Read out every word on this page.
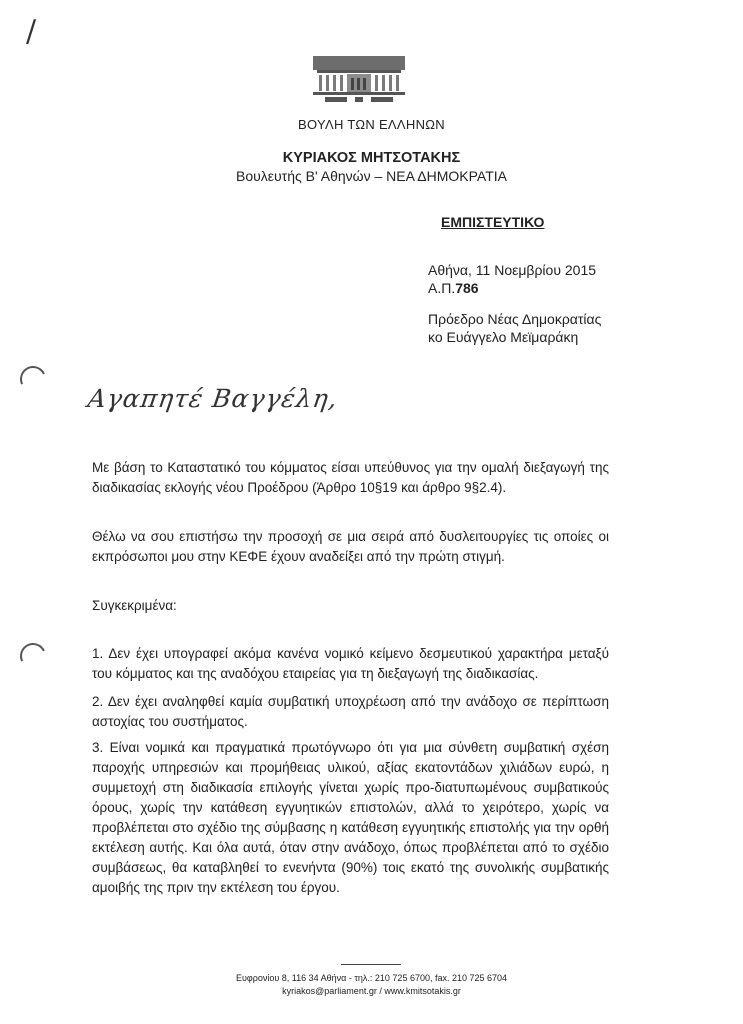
/
ΒΟΥΛΗ ΤΩΝ ΕΛΛΗΝΩΝ
ΚΥΡΙΑΚΟΣ ΜΗΤΣΟΤΑΚΗΣ
Βουλευτής Β' Αθηνών – ΝΕΑ ΔΗΜΟΚΡΑΤΙΑ
ΕΜΠΙΣΤΕΥΤΙΚΟ
Αθήνα, 11 Νοεμβρίου 2015
Α.Π.786
Πρόεδρο Νέας Δημοκρατίας
κο Ευάγγελο Μεϊμαράκη
Αγαπητέ Βαγγέλη,
Με βάση το Καταστατικό του κόμματος είσαι υπεύθυνος για την ομαλή διεξαγωγή της διαδικασίας εκλογής νέου Προέδρου (Άρθρο 10§19 και άρθρο 9§2.4).
Θέλω να σου επιστήσω την προσοχή σε μια σειρά από δυσλειτουργίες τις οποίες οι εκπρόσωποι μου στην ΚΕΦΕ έχουν αναδείξει από την πρώτη στιγμή.
Συγκεκριμένα:
1. Δεν έχει υπογραφεί ακόμα κανένα νομικό κείμενο δεσμευτικού χαρακτήρα μεταξύ του κόμματος και της αναδόχου εταιρείας για τη διεξαγωγή της διαδικασίας.
2. Δεν έχει αναληφθεί καμία συμβατική υποχρέωση από την ανάδοχο σε περίπτωση αστοχίας του συστήματος.
3. Είναι νομικά και πραγματικά πρωτόγνωρο ότι για μια σύνθετη συμβατική σχέση παροχής υπηρεσιών και προμήθειας υλικού, αξίας εκατοντάδων χιλιάδων ευρώ, η συμμετοχή στη διαδικασία επιλογής γίνεται χωρίς προ-διατυπωμένους συμβατικούς όρους, χωρίς την κατάθεση εγγυητικών επιστολών, αλλά το χειρότερο, χωρίς να προβλέπεται στο σχέδιο της σύμβασης η κατάθεση εγγυητικής επιστολής για την ορθή εκτέλεση αυτής. Και όλα αυτά, όταν στην ανάδοχο, όπως προβλέπεται από το σχέδιο συμβάσεως, θα καταβληθεί το ενενήντα (90%) τοις εκατό της συνολικής συμβατικής αμοιβής της πριν την εκτέλεση του έργου.
Ευφρονίου 8, 116 34 Αθήνα - τηλ.: 210 725 6700, fax. 210 725 6704
kyriakos@parliament.gr / www.kmitsotakis.gr
